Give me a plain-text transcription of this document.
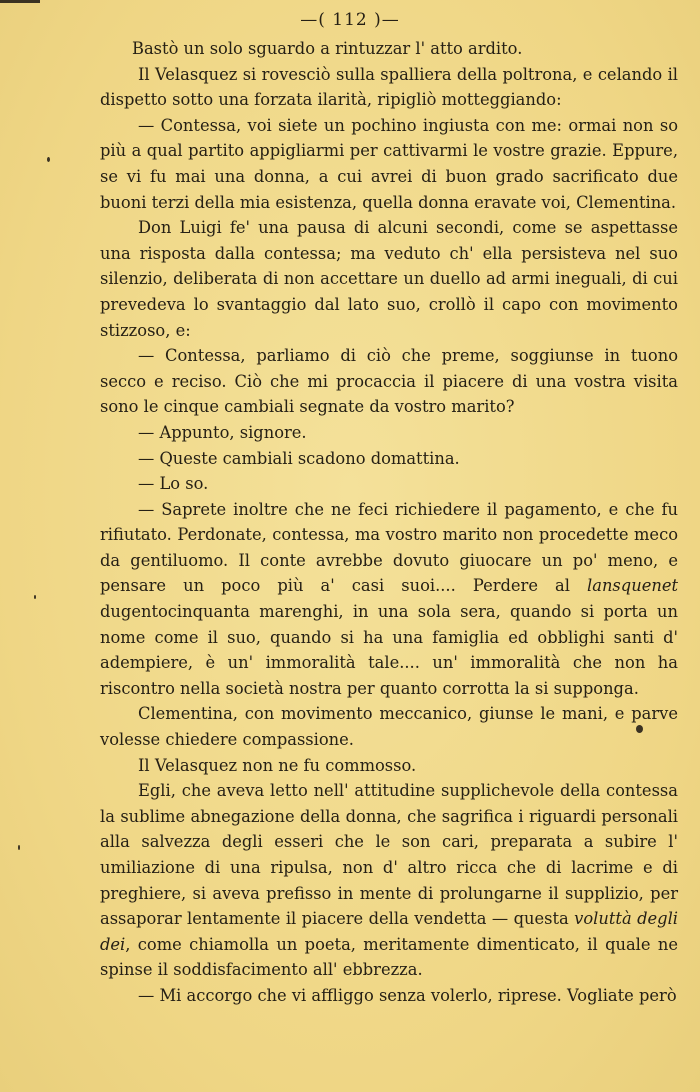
—( 112 )—

Bastò un solo sguardo a rintuzzar l' atto ardito.

Il Velasquez si rovesciò sulla spalliera della poltrona, e celando il dispetto sotto una forzata ilarità, ripigliò motteggiando:

— Contessa, voi siete un pochino ingiusta con me: ormai non so più a qual partito appigliarmi per cattivarmi le vostre grazie. Eppure, se vi fu mai una donna, a cui avrei di buon grado sacrificato due buoni terzi della mia esistenza, quella donna eravate voi, Clementina.

Don Luigi fe' una pausa di alcuni secondi, come se aspettasse una risposta dalla contessa; ma veduto ch' ella persisteva nel suo silenzio, deliberata di non accettare un duello ad armi ineguali, di cui prevedeva lo svantaggio dal lato suo, crollò il capo con movimento stizzoso, e:

— Contessa, parliamo di ciò che preme, soggiunse in tuono secco e reciso. Ciò che mi procaccia il piacere di una vostra visita sono le cinque cambiali segnate da vostro marito?

— Appunto, signore.

— Queste cambiali scadono domattina.

— Lo so.

— Saprete inoltre che ne feci richiedere il pagamento, e che fu rifiutato. Perdonate, contessa, ma vostro marito non procedette meco da gentiluomo. Il conte avrebbe dovuto giuocare un po' meno, e pensare un poco più a' casi suoi.... Perdere al lansquenet dugentocinquanta marenghi, in una sola sera, quando si porta un nome come il suo, quando si ha una famiglia ed obblighi santi d' adempiere, è un' immoralità tale.... un' immoralità che non ha riscontro nella società nostra per quanto corrotta la si supponga.

Clementina, con movimento meccanico, giunse le mani, e parve volesse chiedere compassione.

Il Velasquez non ne fu commosso.

Egli, che aveva letto nell' attitudine supplichevole della contessa la sublime abnegazione della donna, che sagrifica i riguardi personali alla salvezza degli esseri che le son cari, preparata a subire l' umiliazione di una ripulsa, non d' altro ricca che di lacrime e di preghiere, si aveva prefisso in mente di prolungarne il supplizio, per assaporar lentamente il piacere della vendetta — questa voluttà degli dei, come chiamolla un poeta, meritamente dimenticato, il quale ne spinse il soddisfacimento all' ebbrezza.

— Mi accorgo che vi affliggo senza volerlo, riprese. Vogliate però
